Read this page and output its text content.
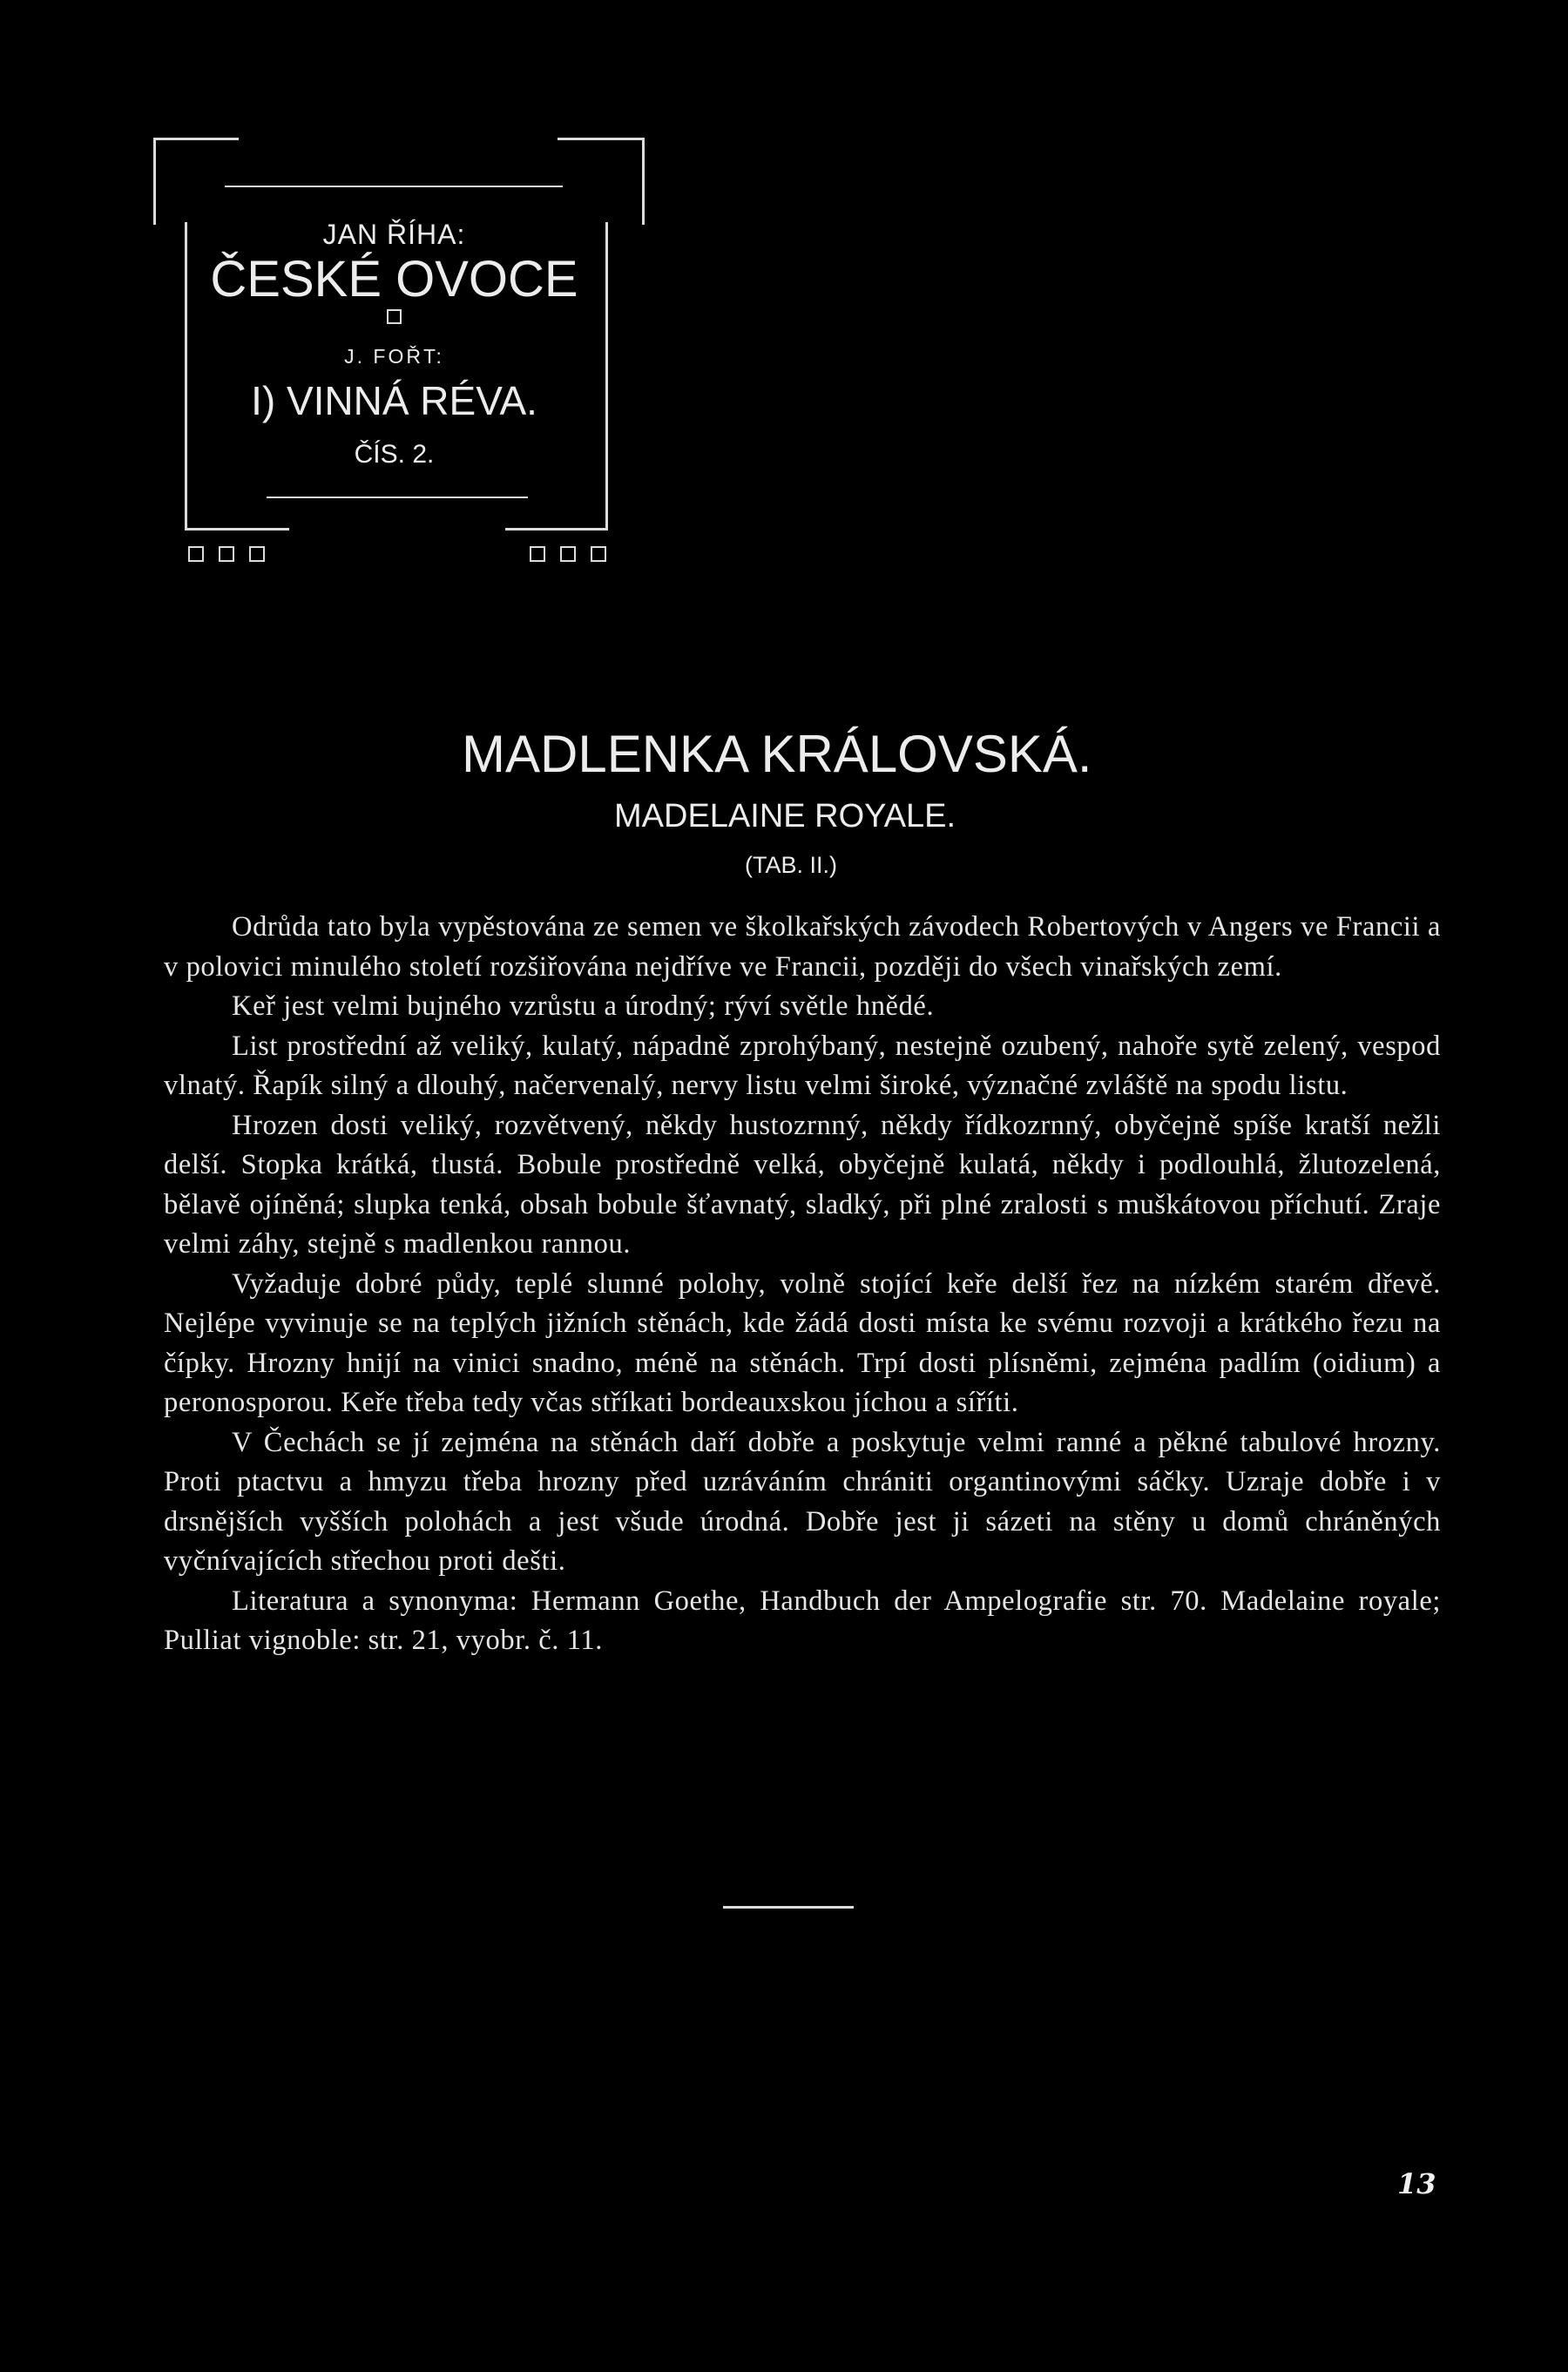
JAN ŘÍHA:
ČESKÉ OVOCE
J. FOŘT:
I) VINNÁ RÉVA.
ČÍS. 2.
MADLENKA KRÁLOVSKÁ.
MADELAINE ROYALE.
(TAB. II.)

Odrůda tato byla vypěstována ze semen ve školkařských závodech Robertových v Angers ve Francii a v polovici minulého století rozšiřována nejdříve ve Francii, později do všech vinařských zemí.

Keř jest velmi bujného vzrůstu a úrodný; rýví světle hnědé.

List prostřední až veliký, kulatý, nápadně zprohýbaný, nestejně ozubený, nahoře sytě zelený, vespod vlnatý. Řapík silný a dlouhý, načervenalý, nervy listu velmi široké, význačné zvláště na spodu listu.

Hrozen dosti veliký, rozvětvený, někdy hustozrnný, někdy řídkozrnný, obyčejně spíše kratší nežli delší. Stopka krátká, tlustá. Bobule prostředně velká, obyčejně kulatá, někdy i podlouhlá, žlutozelená, bělavě ojíněná; slupka tenká, obsah bobule šťavnatý, sladký, při plné zralosti s muškátovou příchutí. Zraje velmi záhy, stejně s madlenkou rannou.

Vyžaduje dobré půdy, teplé slunné polohy, volně stojící keře delší řez na nízkém starém dřevě. Nejlépe vyvinuje se na teplých jižních stěnách, kde žádá dosti místa ke svému rozvoji a krátkého řezu na čípky. Hrozny hnijí na vinici snadno, méně na stěnách. Trpí dosti plísněmi, zejména padlím (oidium) a peronosporou. Keře třeba tedy včas stříkati bordeauxskou jíchou a síříti.

V Čechách se jí zejména na stěnách daří dobře a poskytuje velmi ranné a pěkné tabulové hrozny. Proti ptactvu a hmyzu třeba hrozny před uzráváním chrániti organtinovými sáčky. Uzraje dobře i v drsnějších vyšších polohách a jest všude úrodná. Dobře jest ji sázeti na stěny u domů chráněných vyčnívajících střechou proti dešti.

Literatura a synonyma: Hermann Goethe, Handbuch der Ampelografie str. 70. Madelaine royale; Pulliat vignoble: str. 21, vyobr. č. 11.

13
